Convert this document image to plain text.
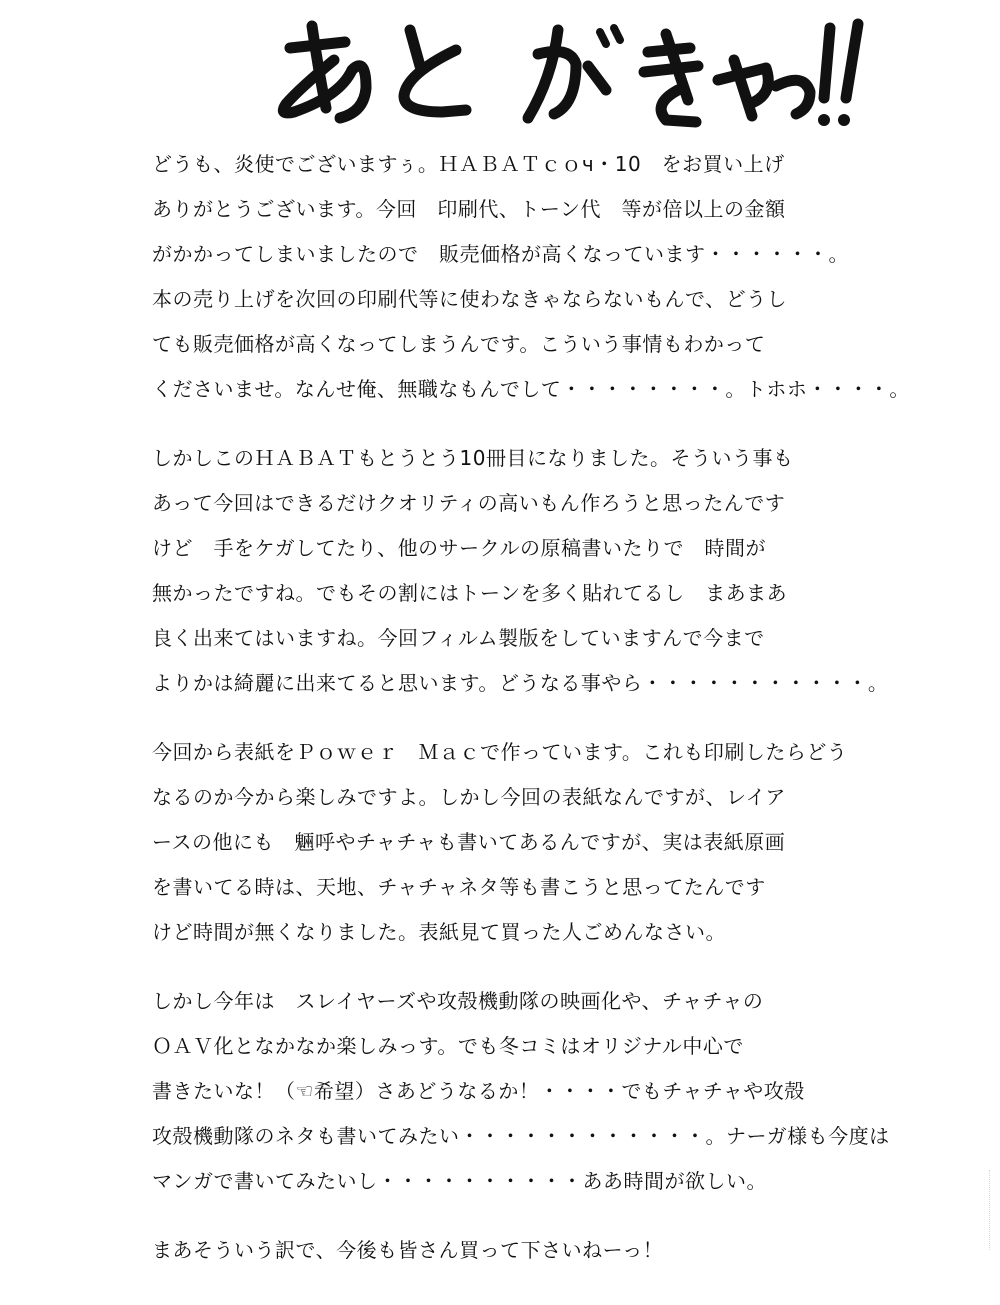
どうも、炎使でございますぅ。ＨＡＢＡＴｃｏч・10　をお買い上げ
ありがとうございます。今回　印刷代、トーン代　等が倍以上の金額
がかかってしまいましたので　販売価格が高くなっています・・・・・・。
本の売り上げを次回の印刷代等に使わなきゃならないもんで、どうし
ても販売価格が高くなってしまうんです。こういう事情もわかって
くださいませ。なんせ俺、無職なもんでして・・・・・・・・。トホホ・・・・。
しかしこのＨＡＢＡＴもとうとう10冊目になりました。そういう事も
あって今回はできるだけクオリティの高いもん作ろうと思ったんです
けど　手をケガしてたり、他のサークルの原稿書いたりで　時間が
無かったですね。でもその割にはトーンを多く貼れてるし　まあまあ
良く出来てはいますね。今回フィルム製版をしていますんで今まで
よりかは綺麗に出来てると思います。どうなる事やら・・・・・・・・・・・。
今回から表紙をＰｏｗｅｒ　Ｍａｃで作っています。これも印刷したらどう
なるのか今から楽しみですよ。しかし今回の表紙なんですが、レイア
ースの他にも　魎呼やチャチャも書いてあるんですが、実は表紙原画
を書いてる時は、天地、チャチャネタ等も書こうと思ってたんです
けど時間が無くなりました。表紙見て買った人ごめんなさい。
しかし今年は　スレイヤーズや攻殻機動隊の映画化や、チャチャの
ＯＡＶ化となかなか楽しみっす。でも冬コミはオリジナル中心で
書きたいな！（☜希望）さあどうなるか！・・・・でもチャチャや攻殻
攻殻機動隊のネタも書いてみたい・・・・・・・・・・・・。ナーガ様も今度は
マンガで書いてみたいし・・・・・・・・・・ああ時間が欲しい。
まあそういう訳で、今後も皆さん買って下さいねーっ！
